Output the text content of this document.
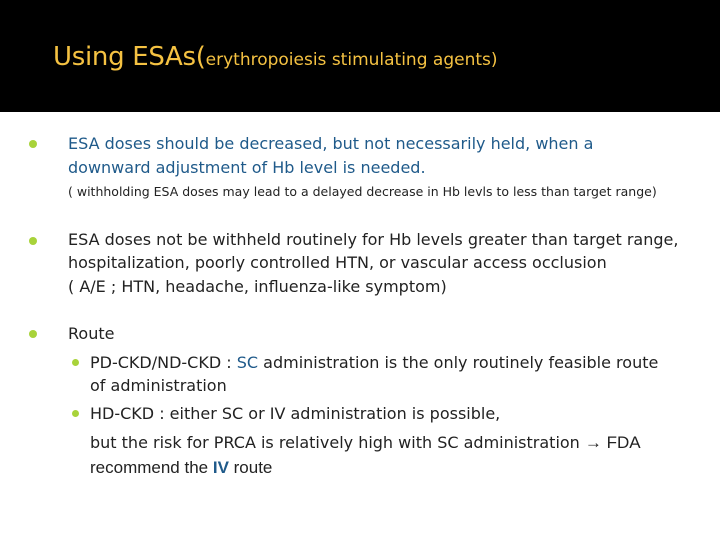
Using ESAs(erythropoiesis stimulating agents)
ESA doses should be decreased, but not necessarily held, when a
downward adjustment of Hb level is needed.
( withholding ESA doses may lead to a delayed decrease in Hb levls to less than target range)
ESA doses not be withheld routinely for Hb levels greater than target range,
hospitalization, poorly controlled HTN, or vascular access occlusion
( A/E ; HTN, headache, influenza-like symptom)
Route
PD-CKD/ND-CKD : SC administration is the only routinely feasible route
of administration
HD-CKD : either SC or IV administration is possible,
but the risk for PRCA is relatively high with SC administration → FDA
recommend the IV route
